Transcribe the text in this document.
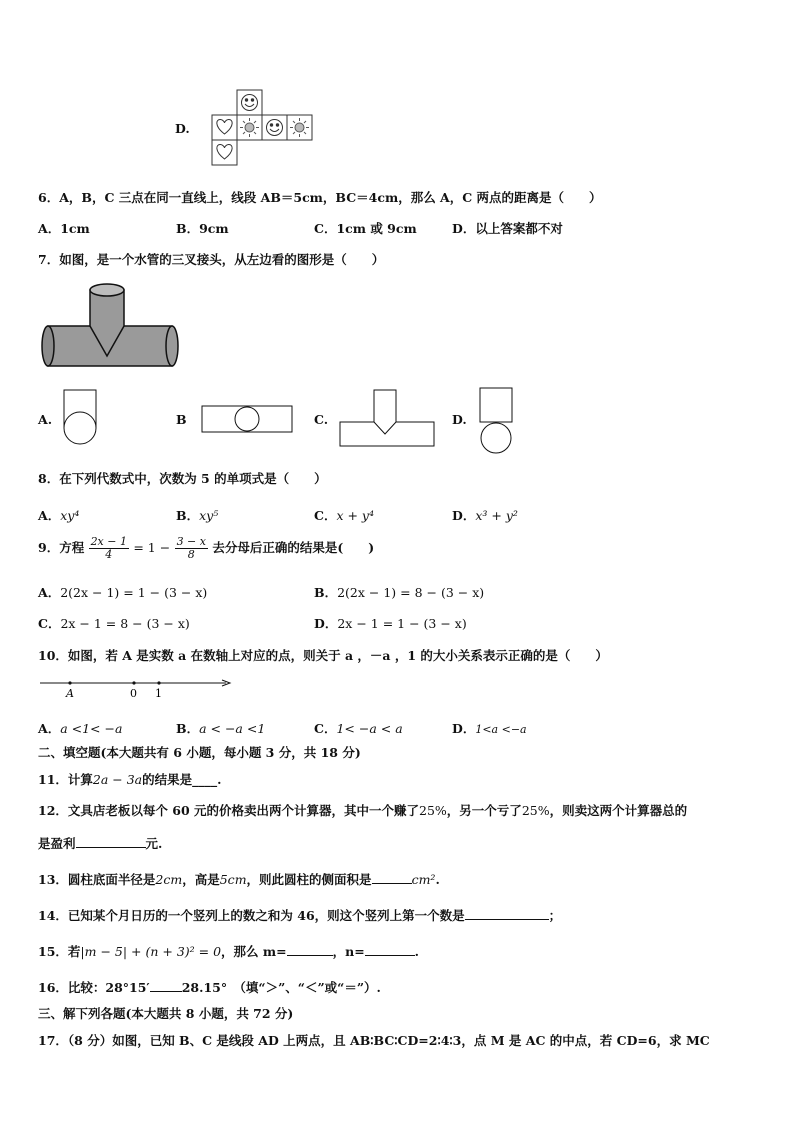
D.
6．A，B，C 三点在同一直线上，线段 AB＝5cm，BC＝4cm，那么 A，C 两点的距离是（　　）
A．1cm	B．9cm	C．1cm 或 9cm	D．以上答案都不对
7．如图，是一个水管的三叉接头，从左边看的图形是（　　）
A.	B	C.	D.
8．在下列代数式中，次数为 5 的单项式是（　　）
A．xy⁴	B．xy⁵	C．x + y⁴	D．x³ + y²
9．方程 $\frac{2x - 1}{4} = 1 - \frac{3 - x}{8}$ 去分母后正确的结果是(　　)
A．2(2x − 1) = 1 − (3 − x)	B．2(2x − 1) = 8 − (3 − x)
C．2x − 1 = 8 − (3 − x)	D．2x − 1 = 1 − (3 − x)
10．如图，若 A 是实数 a 在数轴上对应的点，则关于 a ，－a ，1 的大小关系表示正确的是（　　）
A	0 1
A．a <1< −a	B．a < −a <1	C．1< −a < a	D．1<a <−a
二、填空题(本大题共有 6 小题，每小题 3 分，共 18 分)
11．计算2a − 3a的结果是____.
12．文具店老板以每个 60 元的价格卖出两个计算器，其中一个赚了25%，另一个亏了25%，则卖这两个计算器总的
是盈利	元.
13．圆柱底面半径是2cm，高是5cm，则此圆柱的侧面积是	cm².
14．已知某个月日历的一个竖列上的数之和为 46，则这个竖列上第一个数是	；
15．若|m − 5| + (n + 3)² = 0，那么 m=	，n=	.
16．比较：28°15′	28.15°　（填“＞”、“＜”或“＝”）.
三、解下列各题(本大题共 8 小题，共 72 分)
17．（8 分）如图，已知 B、C 是线段 AD 上两点，且 AB∶BC∶CD=2∶4∶3，点 M 是 AC 的中点，若 CD=6，求 MC
